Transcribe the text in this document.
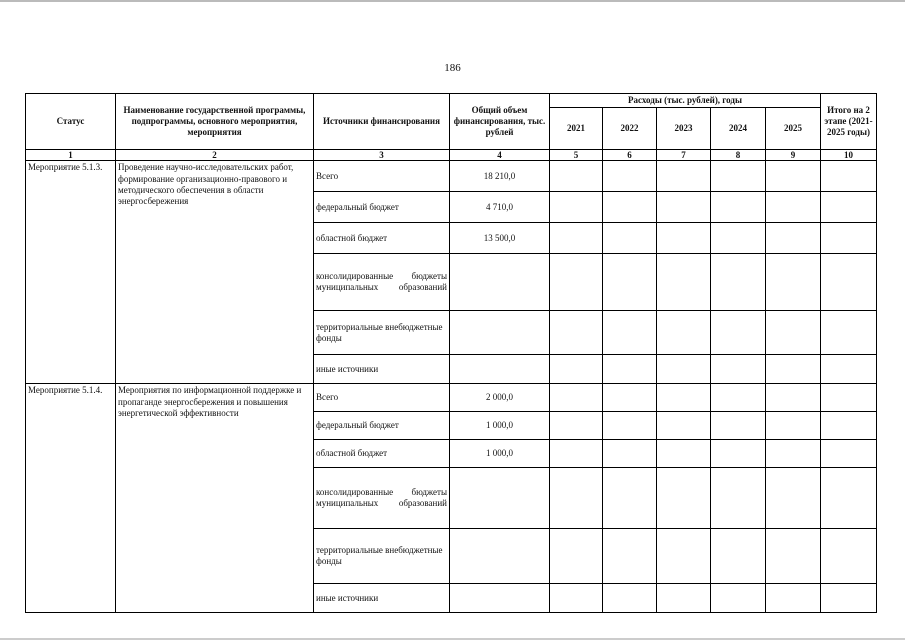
186
Статус	Наименование государственной программы, подпрограммы, основного мероприятия, мероприятия	Источники финансирования	Общий объем финансирования, тыс. рублей	Расходы (тыс. рублей), годы					Итого на 2 этапе (2021-2025 годы)
				2021	2022	2023	2024	2025	
1	2	3	4	5	6	7	8	9	10
Мероприятие 5.1.3.	Проведение научно-исследовательских работ, формирование организационно-правового и методического обеспечения в области энергосбережения	Всего	18 210,0						
		федеральный бюджет	4 710,0						
		областной бюджет	13 500,0						
		консолидированные бюджеты муниципальных образований							
		территориальные внебюджетные фонды							
		иные источники							
Мероприятие 5.1.4.	Мероприятия по информационной поддержке и пропаганде энергосбережения и повышения энергетической эффективности	Всего	2 000,0						
		федеральный бюджет	1 000,0						
		областной бюджет	1 000,0						
		консолидированные бюджеты муниципальных образований							
		территориальные внебюджетные фонды							
		иные источники							
